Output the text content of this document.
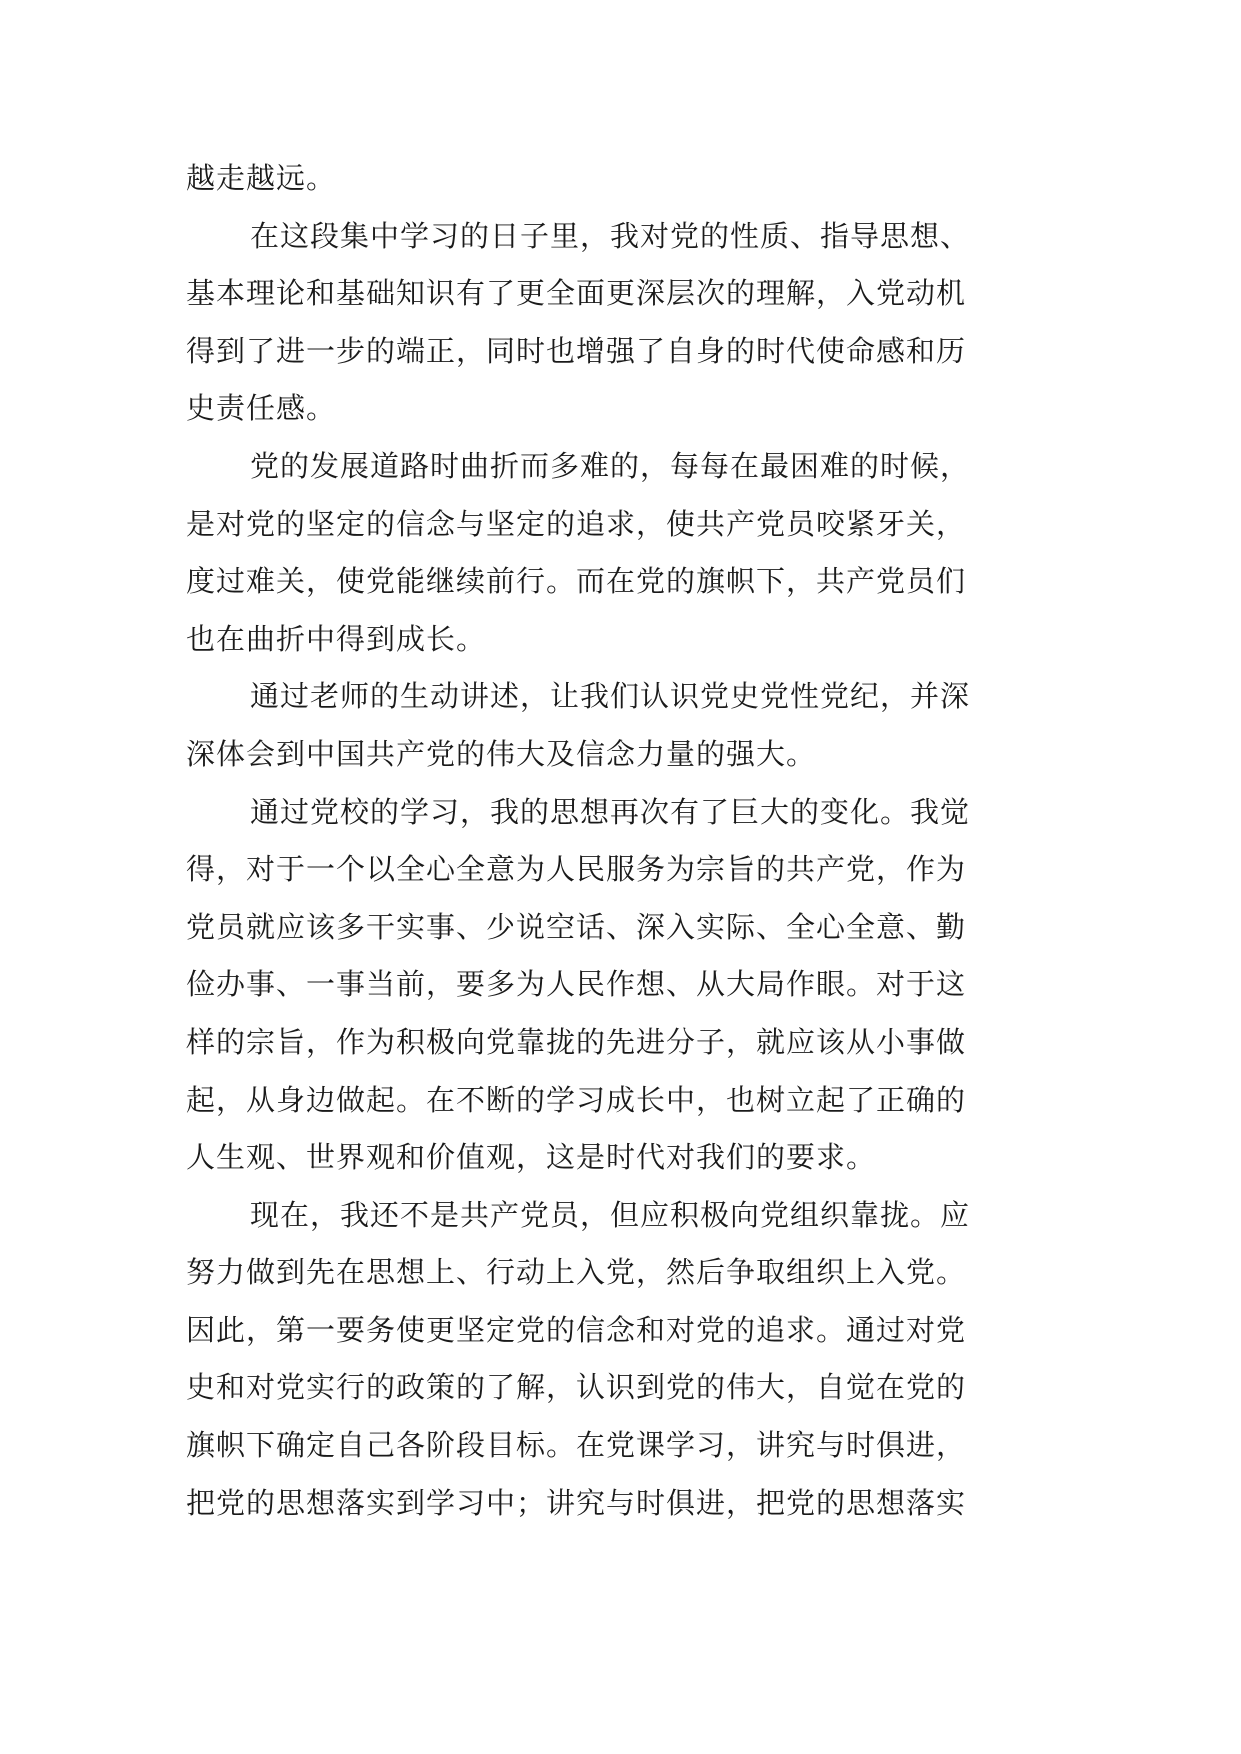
越走越远。
在这段集中学习的日子里，我对党的性质、指导思想、
基本理论和基础知识有了更全面更深层次的理解，入党动机
得到了进一步的端正，同时也增强了自身的时代使命感和历
史责任感。
党的发展道路时曲折而多难的，每每在最困难的时候，
是对党的坚定的信念与坚定的追求，使共产党员咬紧牙关，
度过难关，使党能继续前行。而在党的旗帜下，共产党员们
也在曲折中得到成长。
通过老师的生动讲述，让我们认识党史党性党纪，并深
深体会到中国共产党的伟大及信念力量的强大。
通过党校的学习，我的思想再次有了巨大的变化。我觉
得，对于一个以全心全意为人民服务为宗旨的共产党，作为
党员就应该多干实事、少说空话、深入实际、全心全意、勤
俭办事、一事当前，要多为人民作想、从大局作眼。对于这
样的宗旨，作为积极向党靠拢的先进分子，就应该从小事做
起，从身边做起。在不断的学习成长中，也树立起了正确的
人生观、世界观和价值观，这是时代对我们的要求。
现在，我还不是共产党员，但应积极向党组织靠拢。应
努力做到先在思想上、行动上入党，然后争取组织上入党。
因此，第一要务使更坚定党的信念和对党的追求。通过对党
史和对党实行的政策的了解，认识到党的伟大，自觉在党的
旗帜下确定自己各阶段目标。在党课学习，讲究与时俱进，
把党的思想落实到学习中；讲究与时俱进，把党的思想落实
